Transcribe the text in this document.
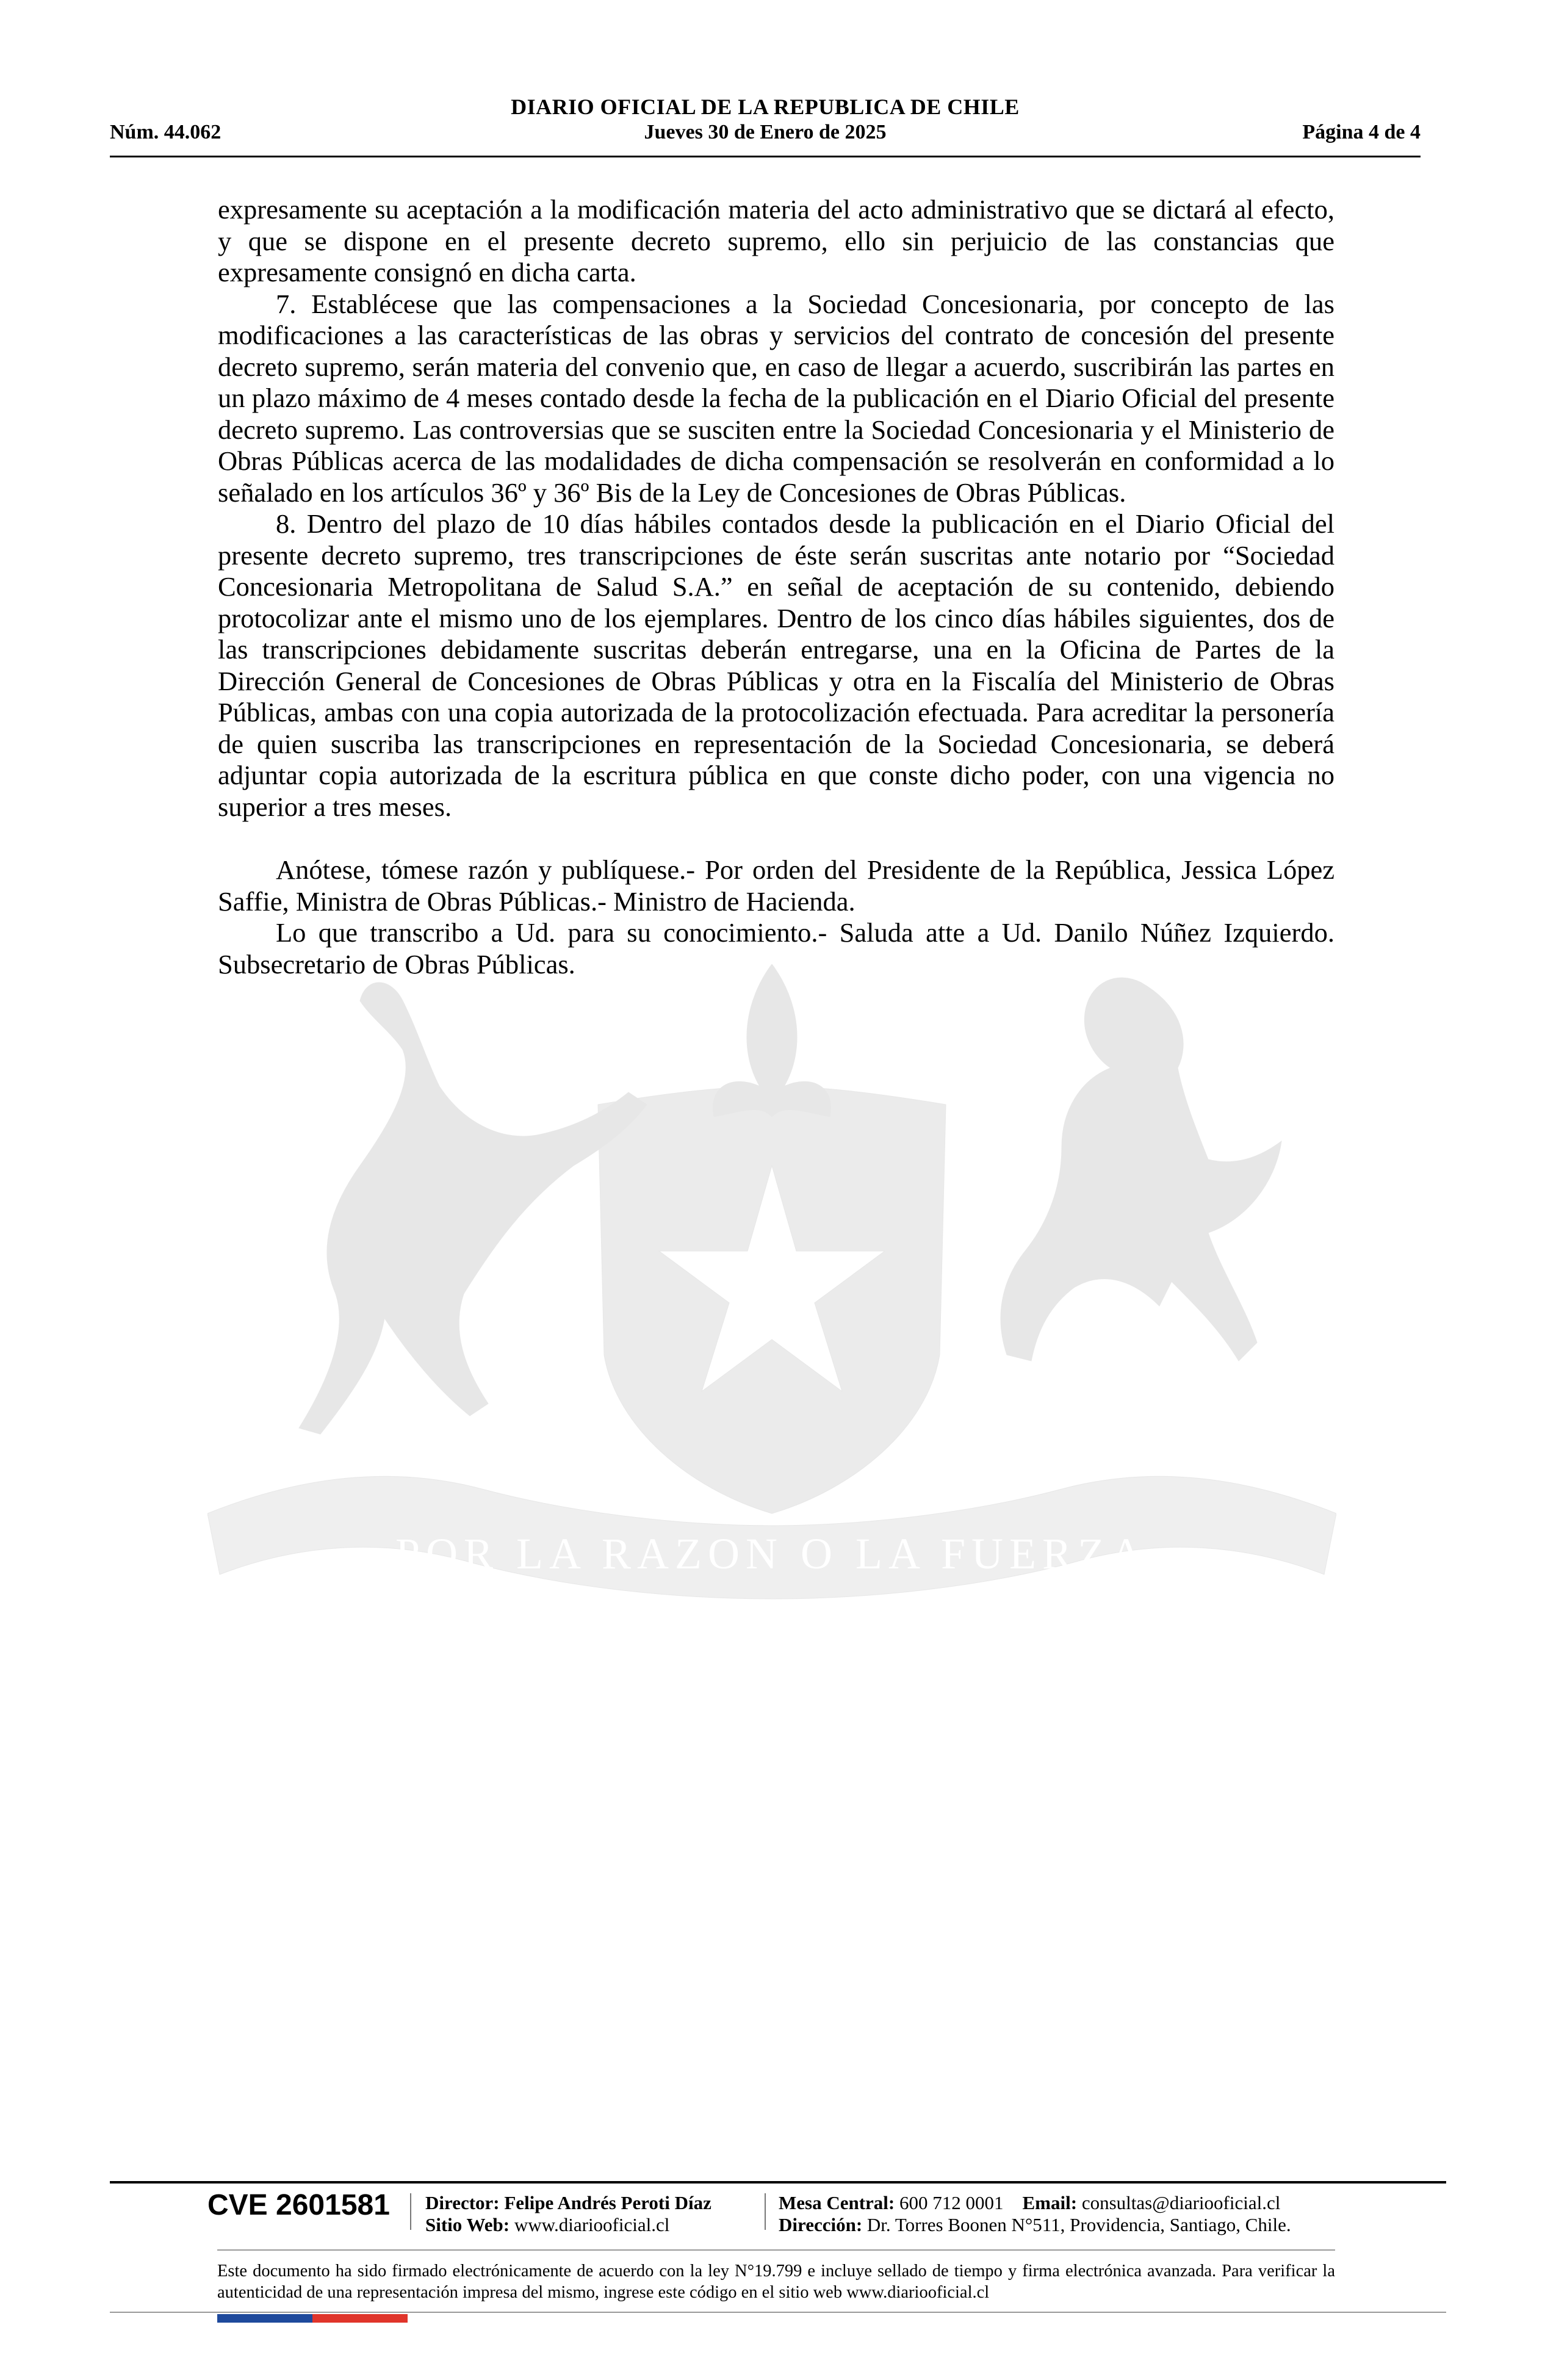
DIARIO OFICIAL DE LA REPUBLICA DE CHILE
Núm. 44.062	Jueves 30 de Enero de 2025	Página 4 de 4
POR LA RAZON O LA FUERZA

expresamente su aceptación a la modificación materia del acto administrativo que se dictará al efecto, y que se dispone en el presente decreto supremo, ello sin perjuicio de las constancias que expresamente consignó en dicha carta.

7. Establécese que las compensaciones a la Sociedad Concesionaria, por concepto de las modificaciones a las características de las obras y servicios del contrato de concesión del presente decreto supremo, serán materia del convenio que, en caso de llegar a acuerdo, suscribirán las partes en un plazo máximo de 4 meses contado desde la fecha de la publicación en el Diario Oficial del presente decreto supremo. Las controversias que se susciten entre la Sociedad Concesionaria y el Ministerio de Obras Públicas acerca de las modalidades de dicha compensación se resolverán en conformidad a lo señalado en los artículos 36º y 36º Bis de la Ley de Concesiones de Obras Públicas.

8. Dentro del plazo de 10 días hábiles contados desde la publicación en el Diario Oficial del presente decreto supremo, tres transcripciones de éste serán suscritas ante notario por “Sociedad Concesionaria Metropolitana de Salud S.A.” en señal de aceptación de su contenido, debiendo protocolizar ante el mismo uno de los ejemplares. Dentro de los cinco días hábiles siguientes, dos de las transcripciones debidamente suscritas deberán entregarse, una en la Oficina de Partes de la Dirección General de Concesiones de Obras Públicas y otra en la Fiscalía del Ministerio de Obras Públicas, ambas con una copia autorizada de la protocolización efectuada. Para acreditar la personería de quien suscriba las transcripciones en representación de la Sociedad Concesionaria, se deberá adjuntar copia autorizada de la escritura pública en que conste dicho poder, con una vigencia no superior a tres meses.

Anótese, tómese razón y publíquese.- Por orden del Presidente de la República, Jessica López Saffie, Ministra de Obras Públicas.- Ministro de Hacienda.

Lo que transcribo a Ud. para su conocimiento.- Saluda atte a Ud. Danilo Núñez Izquierdo. Subsecretario de Obras Públicas.

CVE 2601581 Director: Felipe Andrés Peroti Díaz
Sitio Web: www.diariooficial.cl
Mesa Central: 600 712 0001 Email: consultas@diariooficial.cl
Dirección: Dr. Torres Boonen N°511, Providencia, Santiago, Chile.
Este documento ha sido firmado electrónicamente de acuerdo con la ley N°19.799 e incluye sellado de tiempo y firma electrónica avanzada. Para verificar la autenticidad de una representación impresa del mismo, ingrese este código en el sitio web www.diariooficial.cl
